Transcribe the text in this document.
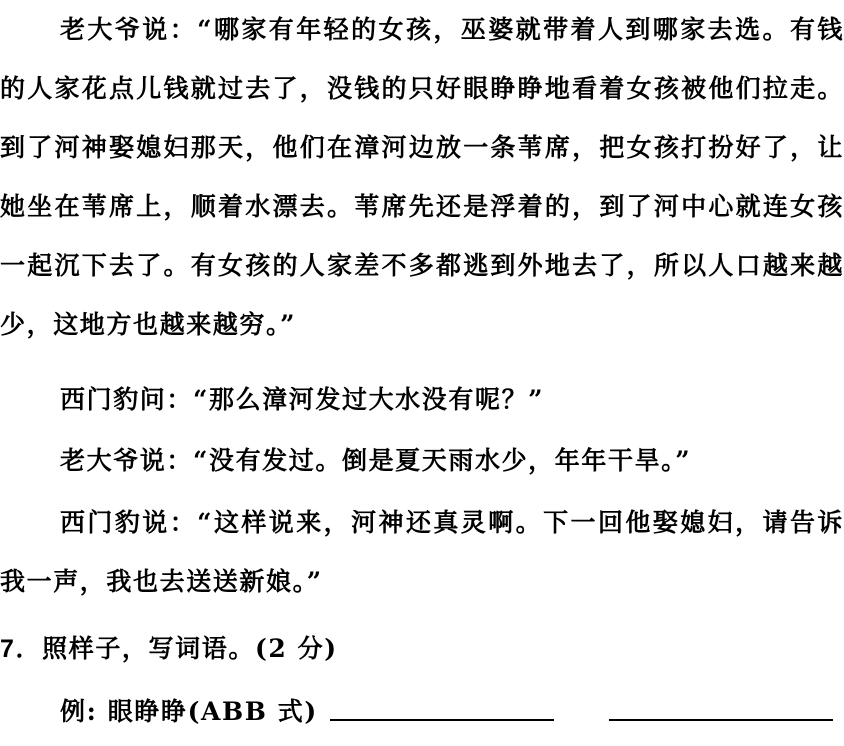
老大爷说：“哪家有年轻的女孩，巫婆就带着人到哪家去选。有钱的人家花点儿钱就过去了，没钱的只好眼睁睁地看着女孩被他们拉走。到了河神娶媳妇那天，他们在漳河边放一条苇席，把女孩打扮好了，让她坐在苇席上，顺着水漂去。苇席先还是浮着的，到了河中心就连女孩一起沉下去了。有女孩的人家差不多都逃到外地去了，所以人口越来越少，这地方也越来越穷。”
西门豹问：“那么漳河发过大水没有呢？”
老大爷说：“没有发过。倒是夏天雨水少，年年干旱。”
西门豹说：“这样说来，河神还真灵啊。下一回他娶媳妇，请告诉我一声，我也去送送新娘。”
7．照样子，写词语。(2 分)
例: 眼睁睁(ABB 式)
